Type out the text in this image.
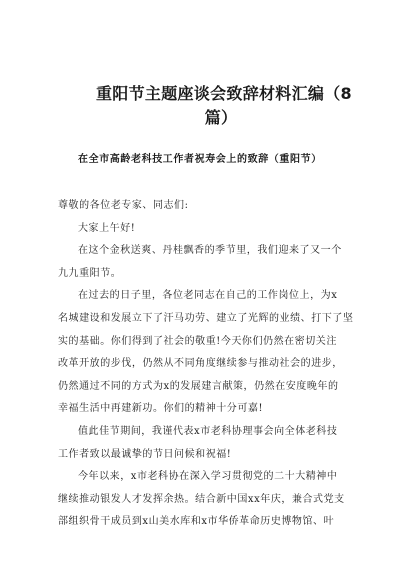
重阳节主题座谈会致辞材料汇编（8
篇）
在全市高龄老科技工作者祝寿会上的致辞（重阳节）

尊敬的各位老专家、同志们:

大家上午好!

在这个金秋送爽、丹桂飘香的季节里，我们迎来了又一个
九九重阳节。

在过去的日子里，各位老同志在自己的工作岗位上，为x
名城建设和发展立下了汗马功劳、建立了光辉的业绩、打下了坚
实的基础。你们得到了社会的敬重!今天你们仍然在密切关注
改革开放的步伐，仍然从不同角度继续参与推动社会的进步，
仍然通过不同的方式为x的发展建言献策，仍然在安度晚年的
幸福生活中再建新功。你们的精神十分可嘉!

值此佳节期间，我谨代表x市老科协理事会向全体老科技
工作者致以最诚挚的节日问候和祝福!

今年以来，x市老科协在深入学习贯彻党的二十大精神中
继续推动银发人才发挥余热。结合新中国xx年庆，兼合式党支
部组织骨干成员到x山美水库和x市华侨革命历史博物馆、叶
